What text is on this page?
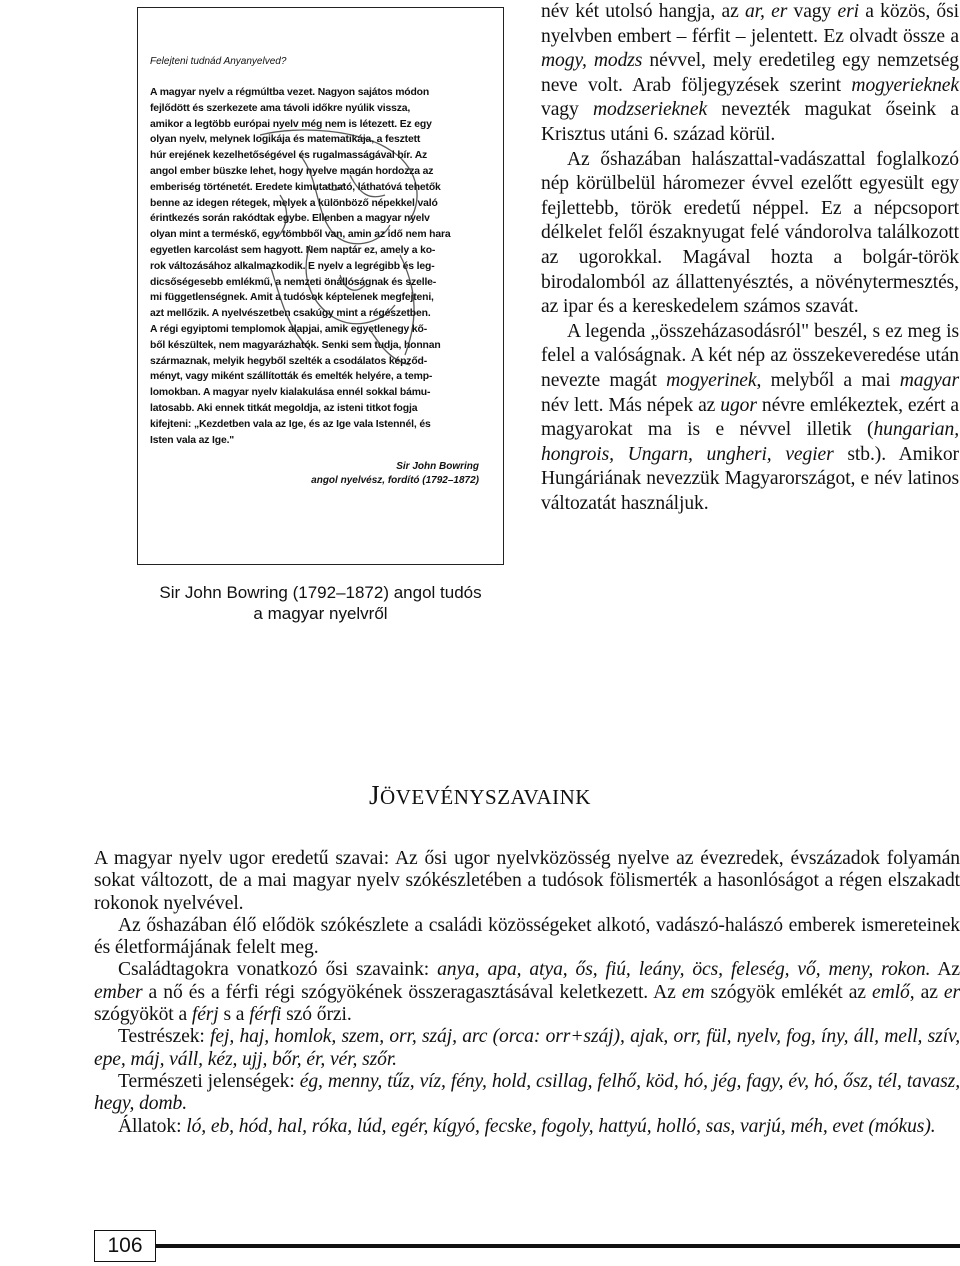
Felejteni tudnád Anyanyelved?
A magyar nyelv a régmúltba vezet. Nagyon sajátos módon
fejlődött és szerkezete ama távoli időkre nyúlik vissza,
amikor a legtöbb európai nyelv még nem is létezett. Ez egy
olyan nyelv, melynek logikája és matematikája, a fesztett
húr erejének kezelhetőségével és rugalmasságával bír. Az
angol ember büszke lehet, hogy nyelve magán hordozza az
emberiség történetét. Eredete kimutatható, láthatóvá tehetők
benne az idegen rétegek, melyek a különböző népekkel való
érintkezés során rakódtak egybe. Ellenben a magyar nyelv
olyan mint a terméskő, egy tömbből van, amin az idő nem hara
egyetlen karcolást sem hagyott. Nem naptár ez, amely a ko-
rok változásához alkalmazkodik. E nyelv a legrégibb és leg-
dicsőségesebb emlékmű, a nemzeti önállóságnak és szelle-
mi függetlenségnek. Amit a tudósok képtelenek megfejteni,
azt mellőzik. A nyelvészetben csakúgy mint a régészetben.
A régi egyiptomi templomok alapjai, amik egyetlenegy kő-
ből készültek, nem magyarázhatók. Senki sem tudja, honnan
származnak, melyik hegyből szelték a csodálatos képződ-
ményt, vagy miként szállították és emelték helyére, a temp-
lomokban. A magyar nyelv kialakulása ennél sokkal bámu-
latosabb. Aki ennek titkát megoldja, az isteni titkot fogja
kifejteni: „Kezdetben vala az Ige, és az Ige vala Istennél, és
Isten vala az Ige."
Sir John Bowring
angol nyelvész, fordító (1792–1872)
Sir John Bowring (1792–1872) angol tudós
a magyar nyelvről

név két utolsó hangja, az ar, er vagy eri a közös, ősi nyelvben embert – férfit – jelentett. Ez olvadt össze a mogy, modzs névvel, mely eredetileg egy nemzetség neve volt. Arab följegyzések szerint mogyerieknek vagy modzserieknek nevezték magukat őseink a Krisztus utáni 6. század körül.

Az őshazában halászattal-vadászattal foglalkozó nép körülbelül háromezer évvel ezelőtt egyesült egy fejlettebb, török eredetű néppel. Ez a népcsoport délkelet felől északnyugat felé vándorolva találkozott az ugorokkal. Magával hozta a bolgár-török birodalomból az állattenyésztés, a növénytermesztés, az ipar és a kereskedelem számos szavát.

A legenda „összeházasodásról" beszél, s ez meg is felel a valóságnak. A két nép az összekeveredése után nevezte magát mogyerinek, melyből a mai magyar név lett. Más népek az ugor névre emlékeztek, ezért a magyarokat ma is e névvel illetik (hungarian, hongrois, Ungarn, ungheri, vegier stb.). Amikor Hungáriának nevezzük Magyarországot, e név latinos változatát használjuk.

JÖVEVÉNYSZAVAINK

A magyar nyelv ugor eredetű szavai: Az ősi ugor nyelvközösség nyelve az évezredek, évszázadok folyamán sokat változott, de a mai magyar nyelv szókészletében a tudósok fölismerték a hasonlóságot a régen elszakadt rokonok nyelvével.

Az őshazában élő elődök szókészlete a családi közösségeket alkotó, vadászó-halászó emberek ismereteinek és életformájának felelt meg.

Családtagokra vonatkozó ősi szavaink: anya, apa, atya, ős, fiú, leány, öcs, feleség, vő, meny, rokon. Az ember a nő és a férfi régi szógyökének összeragasztásával keletkezett. Az em szógyök emlékét az emlő, az er szógyököt a férj s a férfi szó őrzi.

Testrészek: fej, haj, homlok, szem, orr, száj, arc (orca: orr+száj), ajak, orr, fül, nyelv, fog, íny, áll, mell, szív, epe, máj, váll, kéz, ujj, bőr, ér, vér, szőr.

Természeti jelenségek: ég, menny, tűz, víz, fény, hold, csillag, felhő, köd, hó, jég, fagy, év, hó, ősz, tél, tavasz, hegy, domb.

Állatok: ló, eb, hód, hal, róka, lúd, egér, kígyó, fecske, fogoly, hattyú, holló, sas, varjú, méh, evet (mókus).

106
